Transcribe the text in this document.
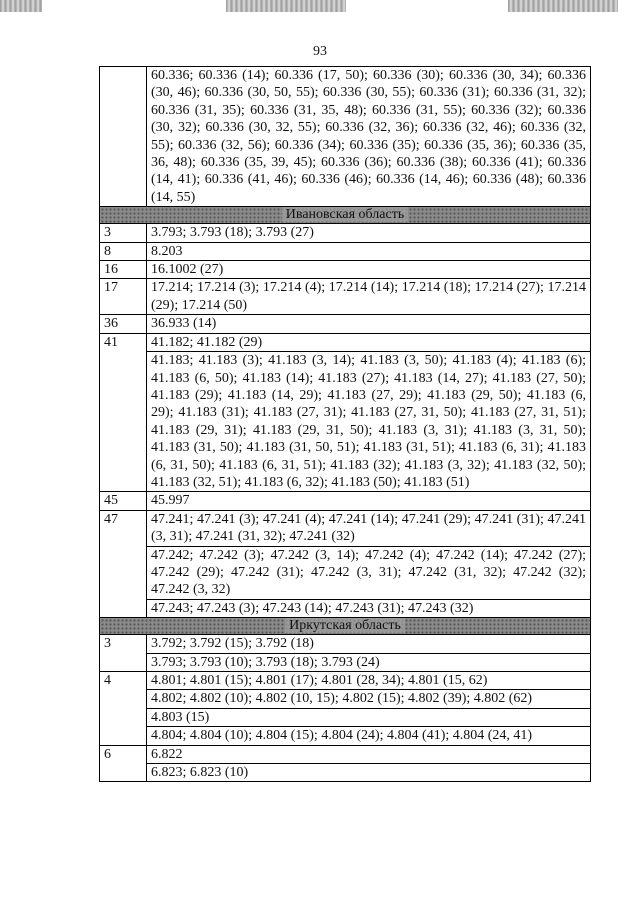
93
	60.336; 60.336 (14); 60.336 (17, 50); 60.336 (30); 60.336 (30, 34); 60.336 (30, 46); 60.336 (30, 50, 55); 60.336 (30, 55); 60.336 (31); 60.336 (31, 32); 60.336 (31, 35); 60.336 (31, 35, 48); 60.336 (31, 55); 60.336 (32); 60.336 (30, 32); 60.336 (30, 32, 55); 60.336 (32, 36); 60.336 (32, 46); 60.336 (32, 55); 60.336 (32, 56); 60.336 (34); 60.336 (35); 60.336 (35, 36); 60.336 (35, 36, 48); 60.336 (35, 39, 45); 60.336 (36); 60.336 (38); 60.336 (41); 60.336 (14, 41); 60.336 (41, 46); 60.336 (46); 60.336 (14, 46); 60.336 (48); 60.336 (14, 55)
Ивановская область	
3	3.793; 3.793 (18); 3.793 (27)
8	8.203
16	16.1002 (27)
17	17.214; 17.214 (3); 17.214 (4); 17.214 (14); 17.214 (18); 17.214 (27); 17.214 (29); 17.214 (50)
36	36.933 (14)
41	41.182; 41.182 (29)
	41.183; 41.183 (3); 41.183 (3, 14); 41.183 (3, 50); 41.183 (4); 41.183 (6); 41.183 (6, 50); 41.183 (14); 41.183 (27); 41.183 (14, 27); 41.183 (27, 50); 41.183 (29); 41.183 (14, 29); 41.183 (27, 29); 41.183 (29, 50); 41.183 (6, 29); 41.183 (31); 41.183 (27, 31); 41.183 (27, 31, 50); 41.183 (27, 31, 51); 41.183 (29, 31); 41.183 (29, 31, 50); 41.183 (3, 31); 41.183 (3, 31, 50); 41.183 (31, 50); 41.183 (31, 50, 51); 41.183 (31, 51); 41.183 (6, 31); 41.183 (6, 31, 50); 41.183 (6, 31, 51); 41.183 (32); 41.183 (3, 32); 41.183 (32, 50); 41.183 (32, 51); 41.183 (6, 32); 41.183 (50); 41.183 (51)
45	45.997
47	47.241; 47.241 (3); 47.241 (4); 47.241 (14); 47.241 (29); 47.241 (31); 47.241 (3, 31); 47.241 (31, 32); 47.241 (32)
	47.242; 47.242 (3); 47.242 (3, 14); 47.242 (4); 47.242 (14); 47.242 (27); 47.242 (29); 47.242 (31); 47.242 (3, 31); 47.242 (31, 32); 47.242 (32); 47.242 (3, 32)
	47.243; 47.243 (3); 47.243 (14); 47.243 (31); 47.243 (32)
Иркутская область	
3	3.792; 3.792 (15); 3.792 (18)
	3.793; 3.793 (10); 3.793 (18); 3.793 (24)
4	4.801; 4.801 (15); 4.801 (17); 4.801 (28, 34); 4.801 (15, 62)
	4.802; 4.802 (10); 4.802 (10, 15); 4.802 (15); 4.802 (39); 4.802 (62)
	4.803 (15)
	4.804; 4.804 (10); 4.804 (15); 4.804 (24); 4.804 (41); 4.804 (24, 41)
6	6.822
	6.823; 6.823 (10)
